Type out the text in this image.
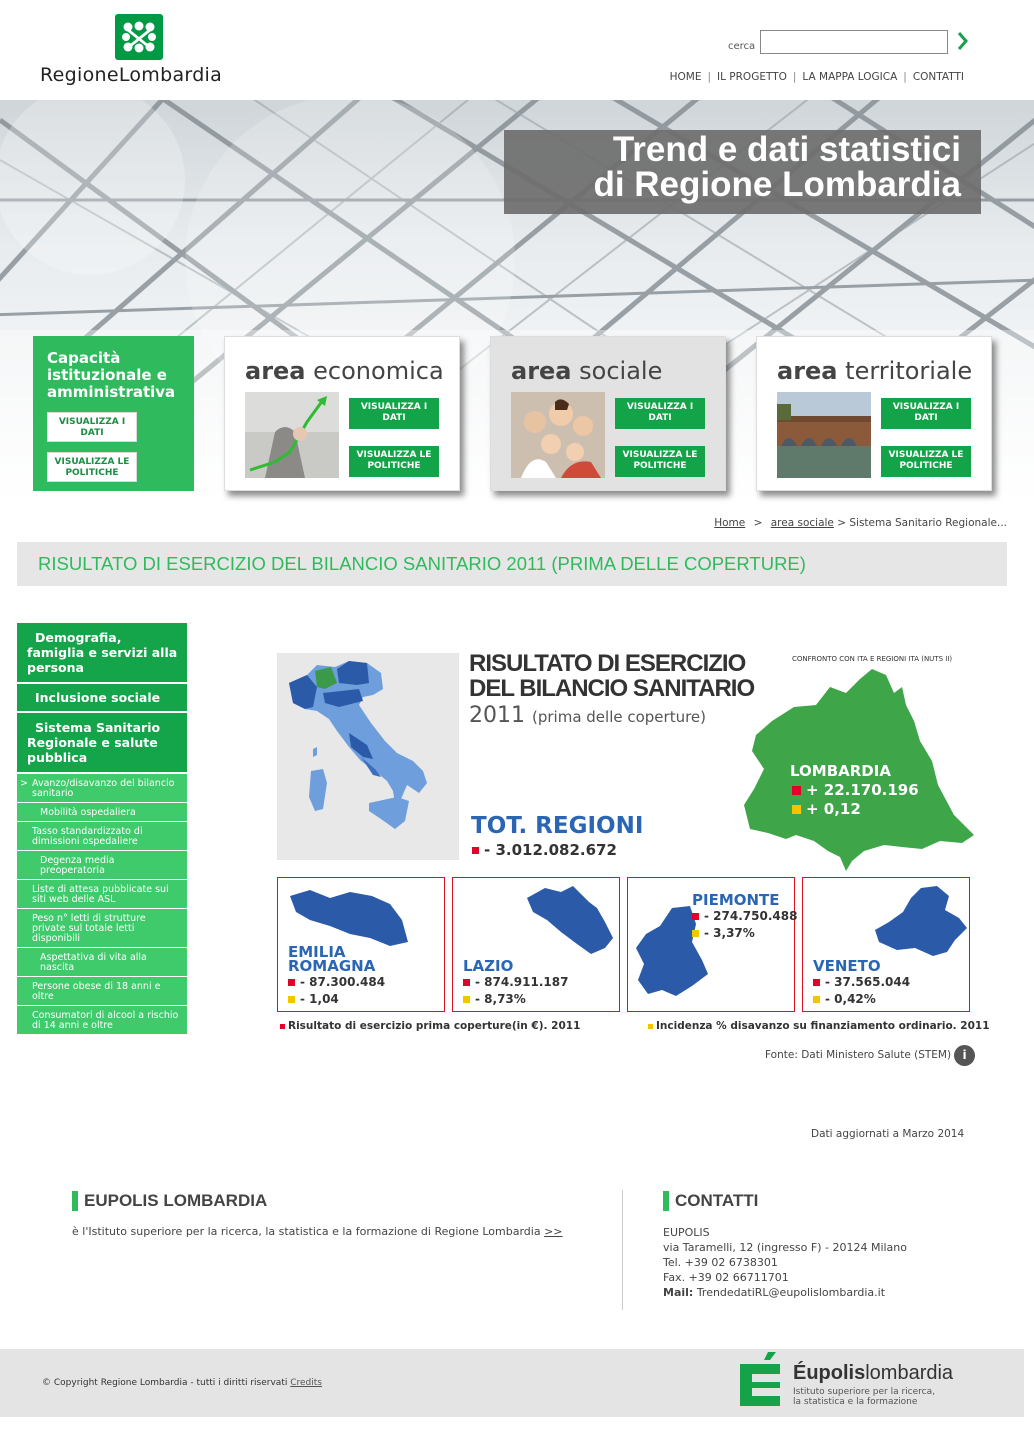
RegioneLombardia
cerca
HOME | IL PROGETTO | LA MAPPA LOGICA | CONTATTI
Trend e dati statistici
di Regione Lombardia
Capacità istituzionale e amministrativa
VISUALIZZA I DATI
VISUALIZZA LE POLITICHE
area economica
VISUALIZZA I DATI
VISUALIZZA LE POLITICHE
area sociale
VISUALIZZA I DATI
VISUALIZZA LE POLITICHE
area territoriale
VISUALIZZA I DATI
VISUALIZZA LE POLITICHE
Home > area sociale > Sistema Sanitario Regionale...
RISULTATO DI ESERCIZIO DEL BILANCIO SANITARIO 2011 (PRIMA DELLE COPERTURE)
Demografia, famiglia e servizi alla persona
Inclusione sociale
Sistema Sanitario Regionale e salute pubblica
> Avanzo/disavanzo del bilancio sanitario
Mobilità ospedaliera
Tasso standardizzato di dimissioni ospedaliere
Degenza media preoperatoria
Liste di attesa pubblicate sui siti web delle ASL
Peso n° letti di strutture private sul totale letti disponibili
Aspettativa di vita alla nascita
Persone obese di 18 anni e oltre
Consumatori di alcool a rischio di 14 anni e oltre
RISULTATO DI ESERCIZIO
DEL BILANCIO SANITARIO
2011 (prima delle coperture)
CONFRONTO CON ITA E REGIONI ITA (NUTS II)
LOMBARDIA
+ 22.170.196
+ 0,12
TOT. REGIONI
- 3.012.082.672
EMILIA
ROMAGNA
- 87.300.484
- 1,04
LAZIO
- 874.911.187
- 8,73%
PIEMONTE
- 274.750.488
- 3,37%
VENETO
- 37.565.044
- 0,42%
Risultato di esercizio prima coperture(in €). 2011	Incidenza % disavanzo su finanziamento ordinario. 2011
Fonte: Dati Ministero Salute (STEM) i
Dati aggiornati a Marzo 2014
EUPOLIS LOMBARDIA
è l'Istituto superiore per la ricerca, la statistica e la formazione di Regione Lombardia >>
CONTATTI
EUPOLIS
via Taramelli, 12 (ingresso F) - 20124 Milano
Tel. +39 02 6738301
Fax. +39 02 66711701
Mail: TrendedatiRL@eupolislombardia.it
© Copyright Regione Lombardia - tutti i diritti riservati Credits	Éupolislombardia
Istituto superiore per la ricerca,
la statistica e la formazione
